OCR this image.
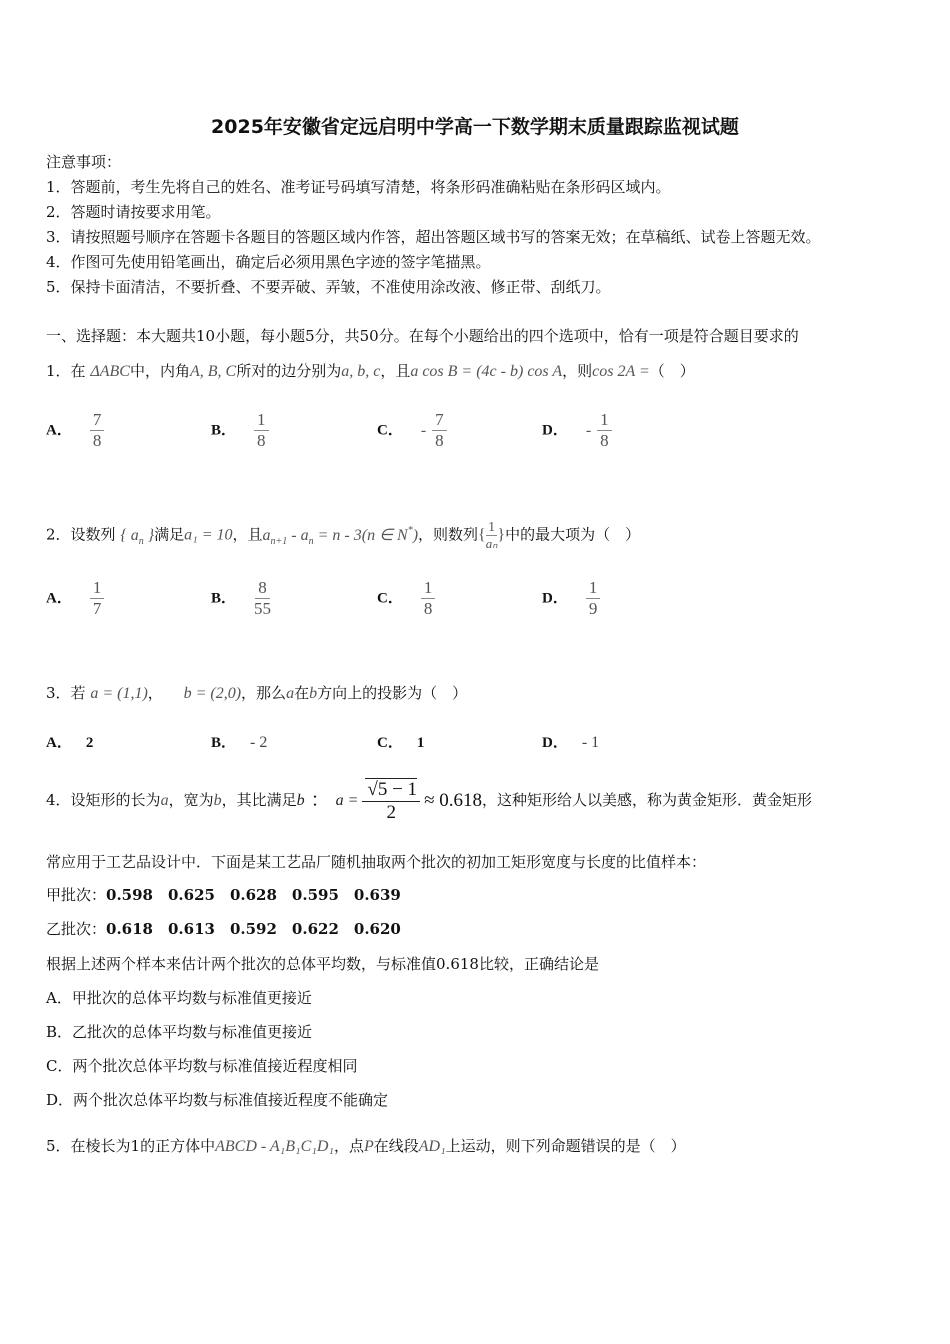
2025年安徽省定远启明中学高一下数学期末质量跟踪监视试题
注意事项：
1．答题前，考生先将自己的姓名、准考证号码填写清楚，将条形码准确粘贴在条形码区域内。
2．答题时请按要求用笔。
3．请按照题号顺序在答题卡各题目的答题区域内作答，超出答题区域书写的答案无效；在草稿纸、试卷上答题无效。
4．作图可先使用铅笔画出，确定后必须用黑色字迹的签字笔描黑。
5．保持卡面清洁，不要折叠、不要弄破、弄皱，不准使用涂改液、修正带、刮纸刀。
一、选择题：本大题共10小题，每小题5分，共50分。在每个小题给出的四个选项中，恰有一项是符合题目要求的
1．在 ΔABC中，内角A, B, C所对的边分别为a, b, c，且a cos B = (4c - b) cos A，则cos 2A =（　）
A． $\frac{7}{8}$	B． $\frac{1}{8}$	C． - $\frac{7}{8}$	D． - $\frac{1}{8}$
2．设数列 { $a_n$ }满足a₁ = 10，且$a_{n+1} - a_n = n - 3(n$ ∈ N*)，则数列{ $\frac{1}{\text{aₙ}}$ }中的最大项为（　）
A． $\frac{1}{7}$	B． $\frac{8}{55}$	C． $\frac{1}{8}$	D． $\frac{1}{9}$
3．若 a = (1,1)， b = (2,0)，那么a在b方向上的投影为（　）
A． 2	B． - 2	C． 1	D． - 1
4．设矩形的长为a，宽为b，其比满足 b ： $a = \frac{√5 - 1}{2} \approx 0.618$ ，这种矩形给人以美感，称为黄金矩形．黄金矩形
常应用于工艺品设计中．下面是某工艺品厂随机抽取两个批次的初加工矩形宽度与长度的比值样本：
甲批次：0.598　0.625　0.628　0.595　0.639
乙批次：0.618　0.613　0.592　0.622　0.620
根据上述两个样本来估计两个批次的总体平均数，与标准值0.618比较，正确结论是
A．甲批次的总体平均数与标准值更接近
B．乙批次的总体平均数与标准值更接近
C．两个批次总体平均数与标准值接近程度相同
D．两个批次总体平均数与标准值接近程度不能确定
5．在棱长为1的正方体中ABCD - A₁B₁C₁D₁，点P在线段AD₁上运动，则下列命题错误的是（　）
